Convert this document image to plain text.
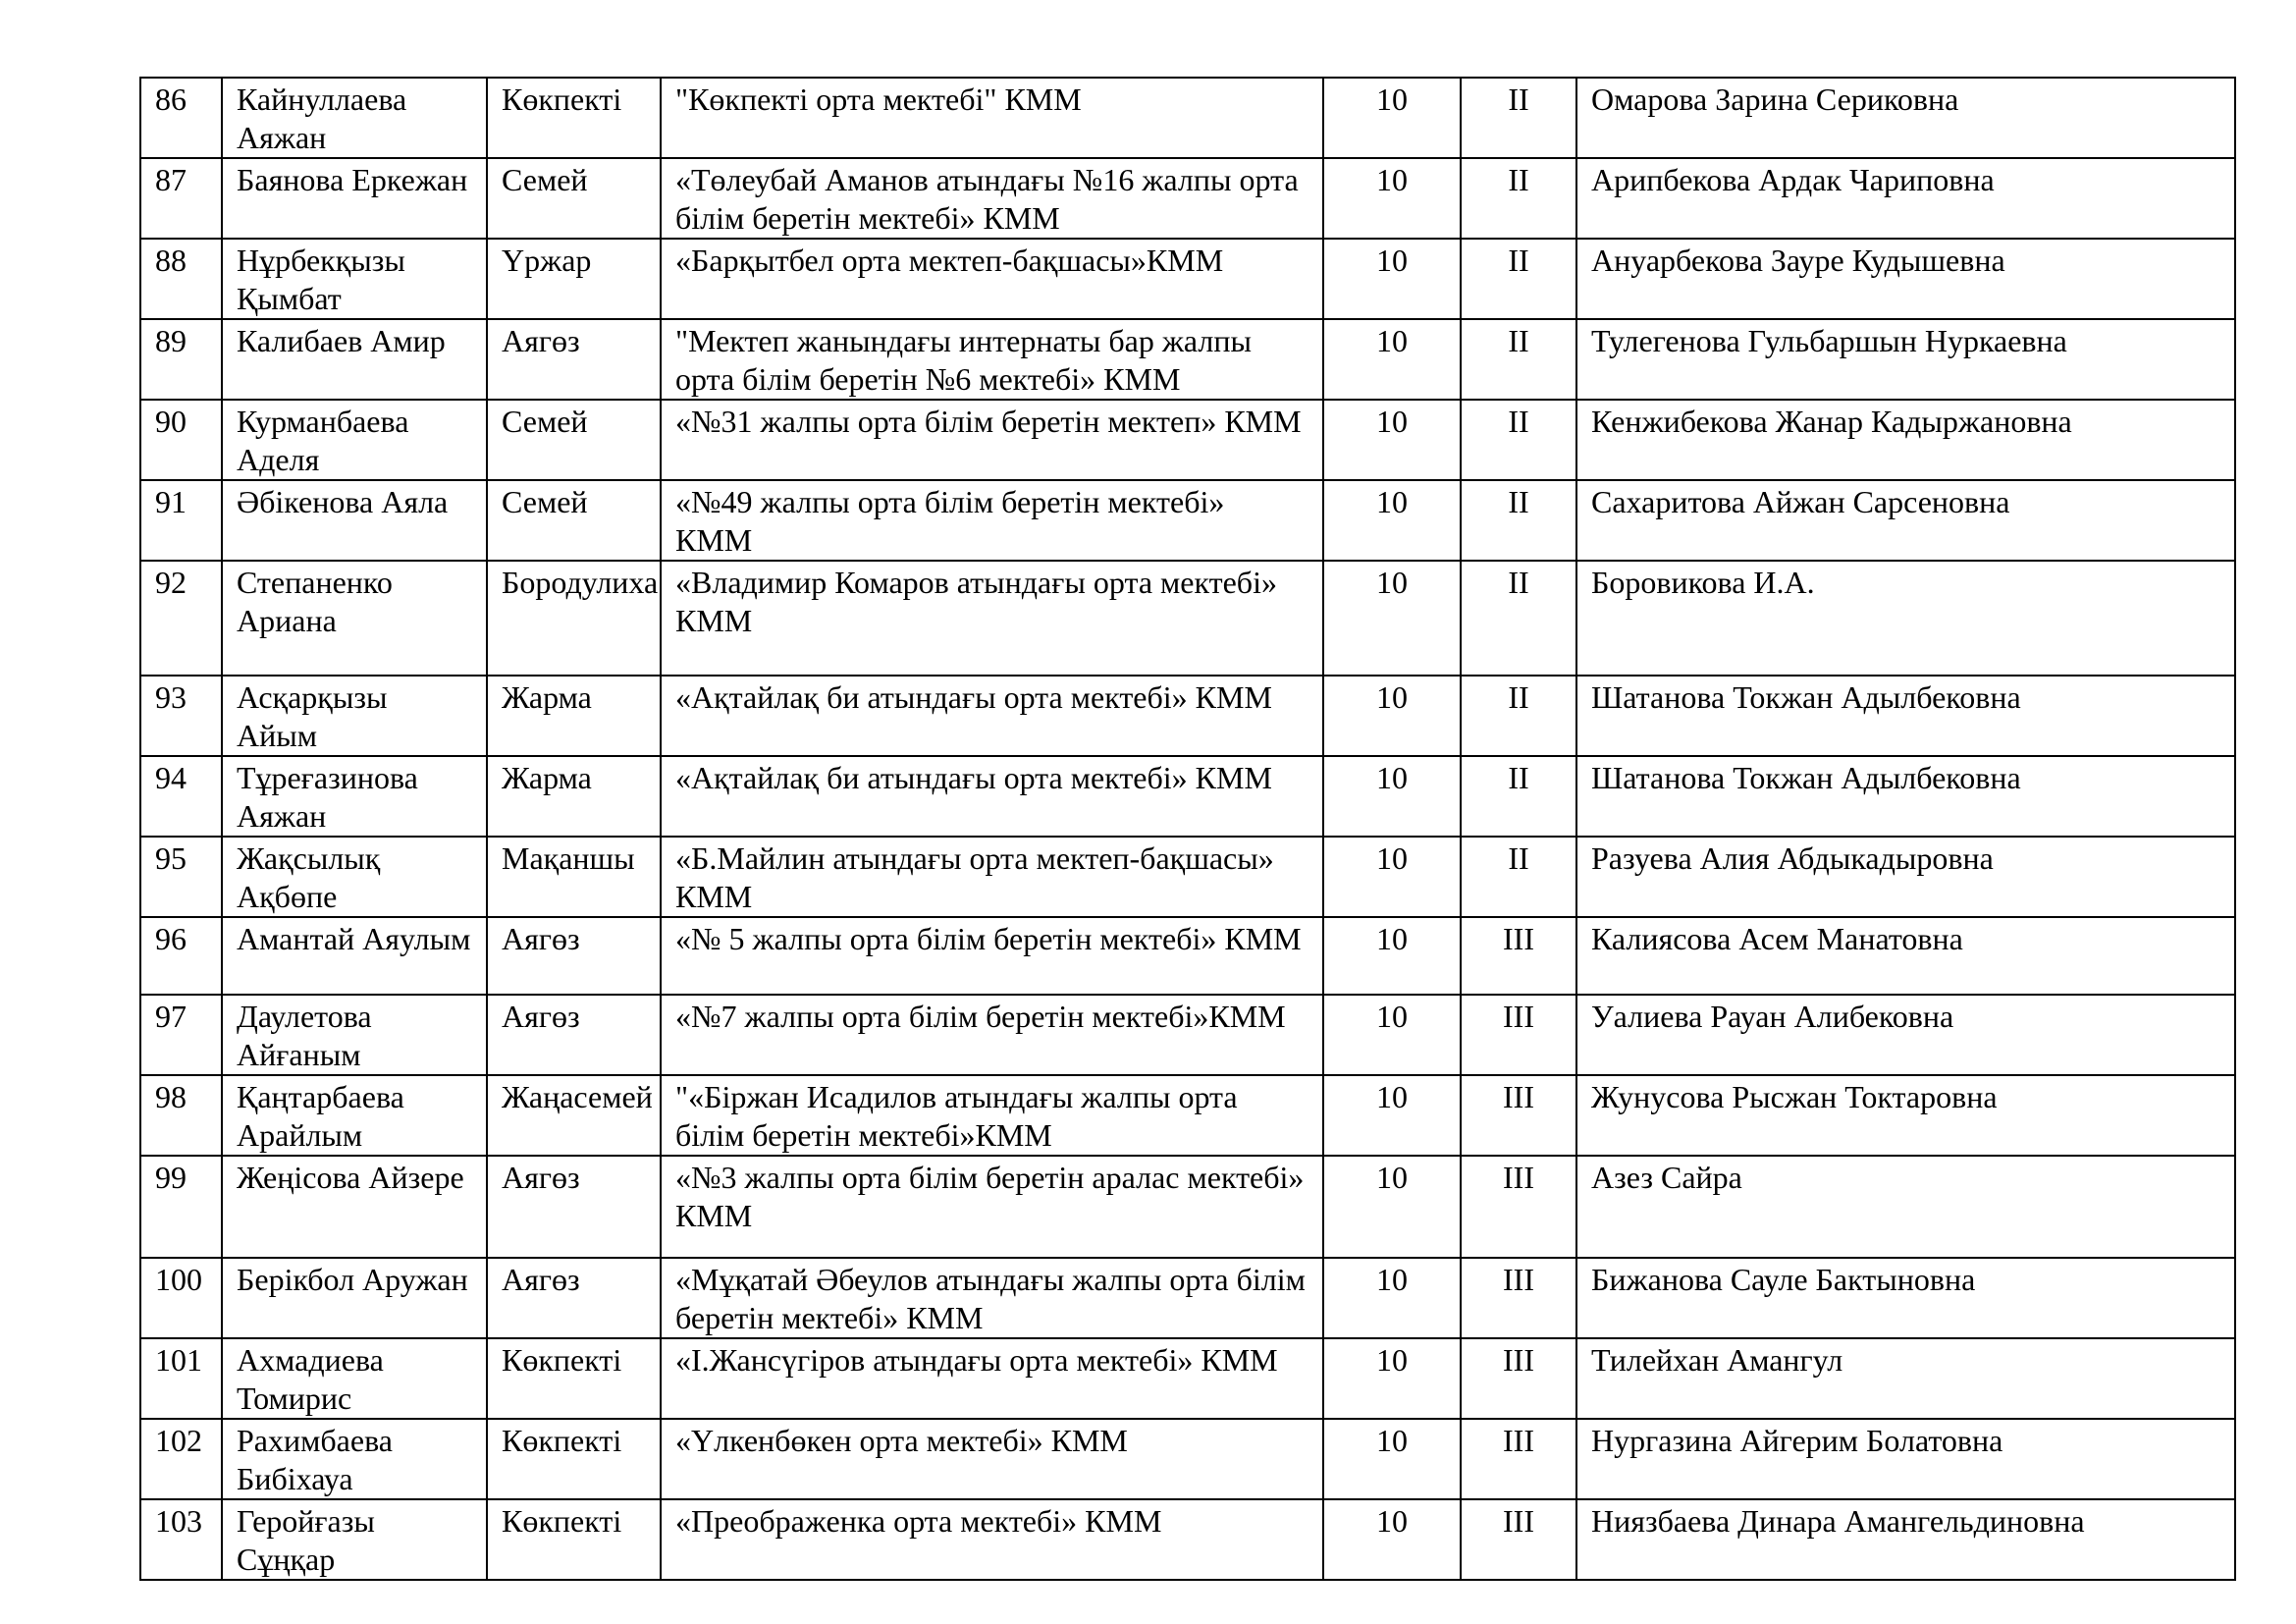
86	Кайнуллаева Аяжан	Көкпекті	"Көкпекті орта мектебі" КММ	10	II	Омарова Зарина Сериковна
87	Баянова Еркежан	Семей	«Төлеубай Аманов атындағы №16 жалпы орта білім беретін мектебі» КММ	10	II	Арипбекова Ардак Чариповна
88	Нұрбекқызы Қымбат	Үржар	«Барқытбел орта мектеп-бақшасы»КММ	10	II	Ануарбекова Зауре Кудышевна
89	Калибаев Амир	Аягөз	"Мектеп жанындағы интернаты бар жалпы орта білім беретін №6 мектебі» КММ	10	II	Тулегенова Гульбаршын Нуркаевна
90	Курманбаева Аделя	Семей	«№31 жалпы орта білім беретін мектеп» КММ	10	II	Кенжибекова Жанар Кадыржановна
91	Әбікенова Аяла	Семей	«№49 жалпы орта білім беретін мектебі» КММ	10	II	Сахаритова Айжан Сарсеновна
92	Степаненко Ариана	Бородулиха	«Владимир Комаров атындағы орта мектебі» КММ	10	II	Боровикова И.А.
93	Асқарқызы Айым	Жарма	«Ақтайлақ би атындағы орта мектебі» КММ	10	II	Шатанова Токжан Адылбековна
94	Тұреғазинова Аяжан	Жарма	«Ақтайлақ би атындағы орта мектебі» КММ	10	II	Шатанова Токжан Адылбековна
95	Жақсылық Ақбөпе	Мақаншы	«Б.Майлин атындағы орта мектеп-бақшасы» КММ	10	II	Разуева Алия Абдыкадыровна
96	Амантай Аяулым	Аягөз	«№ 5 жалпы орта білім беретін мектебі» КММ	10	III	Калиясова Асем Манатовна
97	Даулетова Айғаным	Аягөз	«№7 жалпы орта білім беретін мектебі»КММ	10	III	Уалиева Рауан Алибековна
98	Қаңтарбаева Арайлым	Жаңасемей	"«Біржан Исадилов атындағы жалпы орта білім беретін мектебі»КММ	10	III	Жунусова Рысжан Токтаровна
99	Жеңісова Айзере	Аягөз	«№3 жалпы орта білім беретін аралас мектебі» КММ	10	III	Азез Сайра
100	Берікбол Аружан	Аягөз	«Мұқатай Әбеулов атындағы жалпы орта білім беретін мектебі» КММ	10	III	Бижанова Сауле Бактыновна
101	Ахмадиева Томирис	Көкпекті	«І.Жансүгіров атындағы орта мектебі» КММ	10	III	Тилейхан Амангул
102	Рахимбаева Бибіхауа	Көкпекті	«Үлкенбөкен орта мектебі» КММ	10	III	Нургазина Айгерим Болатовна
103	Геройғазы Сұңқар	Көкпекті	«Преображенка орта мектебі» КММ	10	III	Ниязбаева Динара Амангельдиновна
